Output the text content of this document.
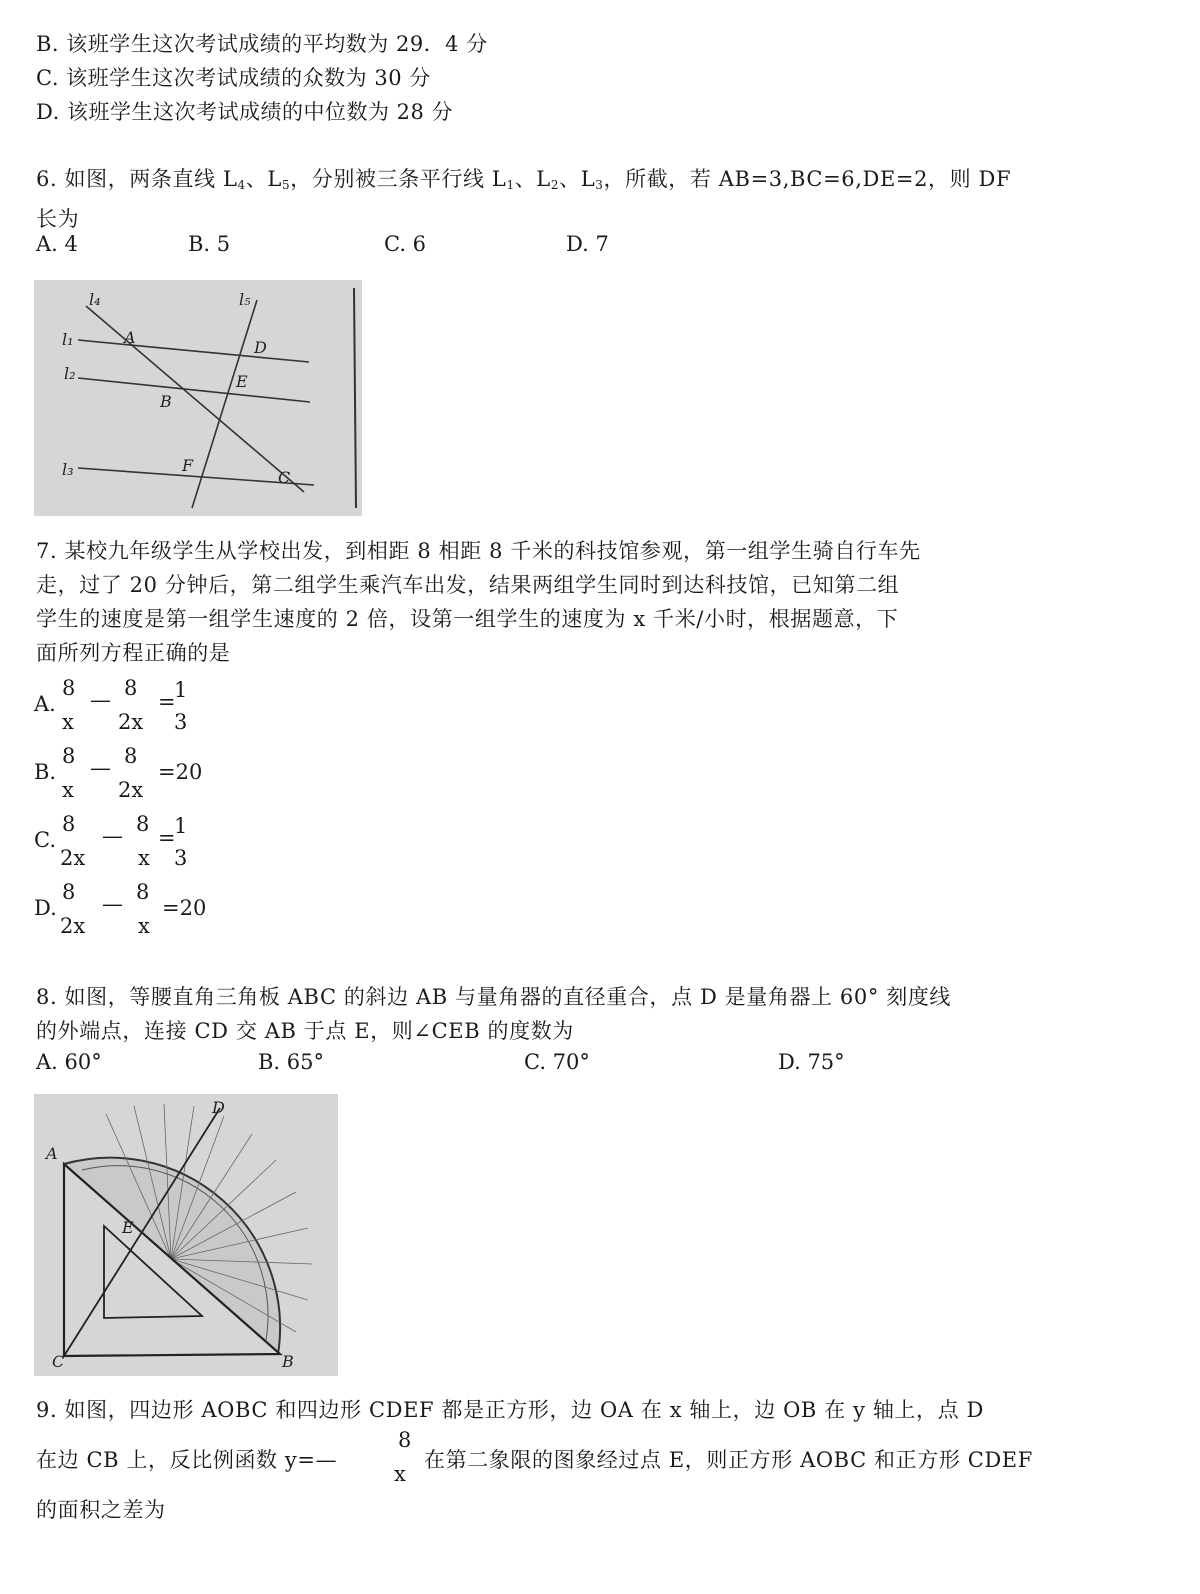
B. 该班学生这次考试成绩的平均数为 29．4 分
C. 该班学生这次考试成绩的众数为 30 分
D. 该班学生这次考试成绩的中位数为 28 分
6. 如图，两条直线 $L_4$、$L_5$，分别被三条平行线 $L_1$、$L_2$、$L_3$，所截，若 AB=3,BC=6,DE=2，则 DF
长为
A. 4	B. 5	C. 6	D. 7
l₄	l₅
l₁
l₂
l₃
A
B
C
D
E
F
7. 某校九年级学生从学校出发，到相距 8 相距 8 千米的科技馆参观，第一组学生骑自行车先
走，过了 20 分钟后，第二组学生乘汽车出发，结果两组学生同时到达科技馆，已知第二组
学生的速度是第一组学生速度的 2 倍，设第一组学生的速度为 x 千米/小时，根据题意，下
面所列方程正确的是
A.
8
x
— 8
2x
=
1
3
B.
8
x
— 8
2x
=20
C.
8
2x
— 8
x
=
1
3
D.
8
2x
— 8
x
=20
8. 如图，等腰直角三角板 ABC 的斜边 AB 与量角器的直径重合，点 D 是量角器上 60° 刻度线
的外端点，连接 CD 交 AB 于点 E，则∠CEB 的度数为
A. 60°	B. 65°	C. 70°	D. 75°
A
B
C
D
E
9. 如图，四边形 AOBC 和四边形 CDEF 都是正方形，边 OA 在 x 轴上，边 OB 在 y 轴上，点 D
在边 CB 上，反比例函数 y=—
8
x
在第二象限的图象经过点 E，则正方形 AOBC 和正方形 CDEF
的面积之差为
